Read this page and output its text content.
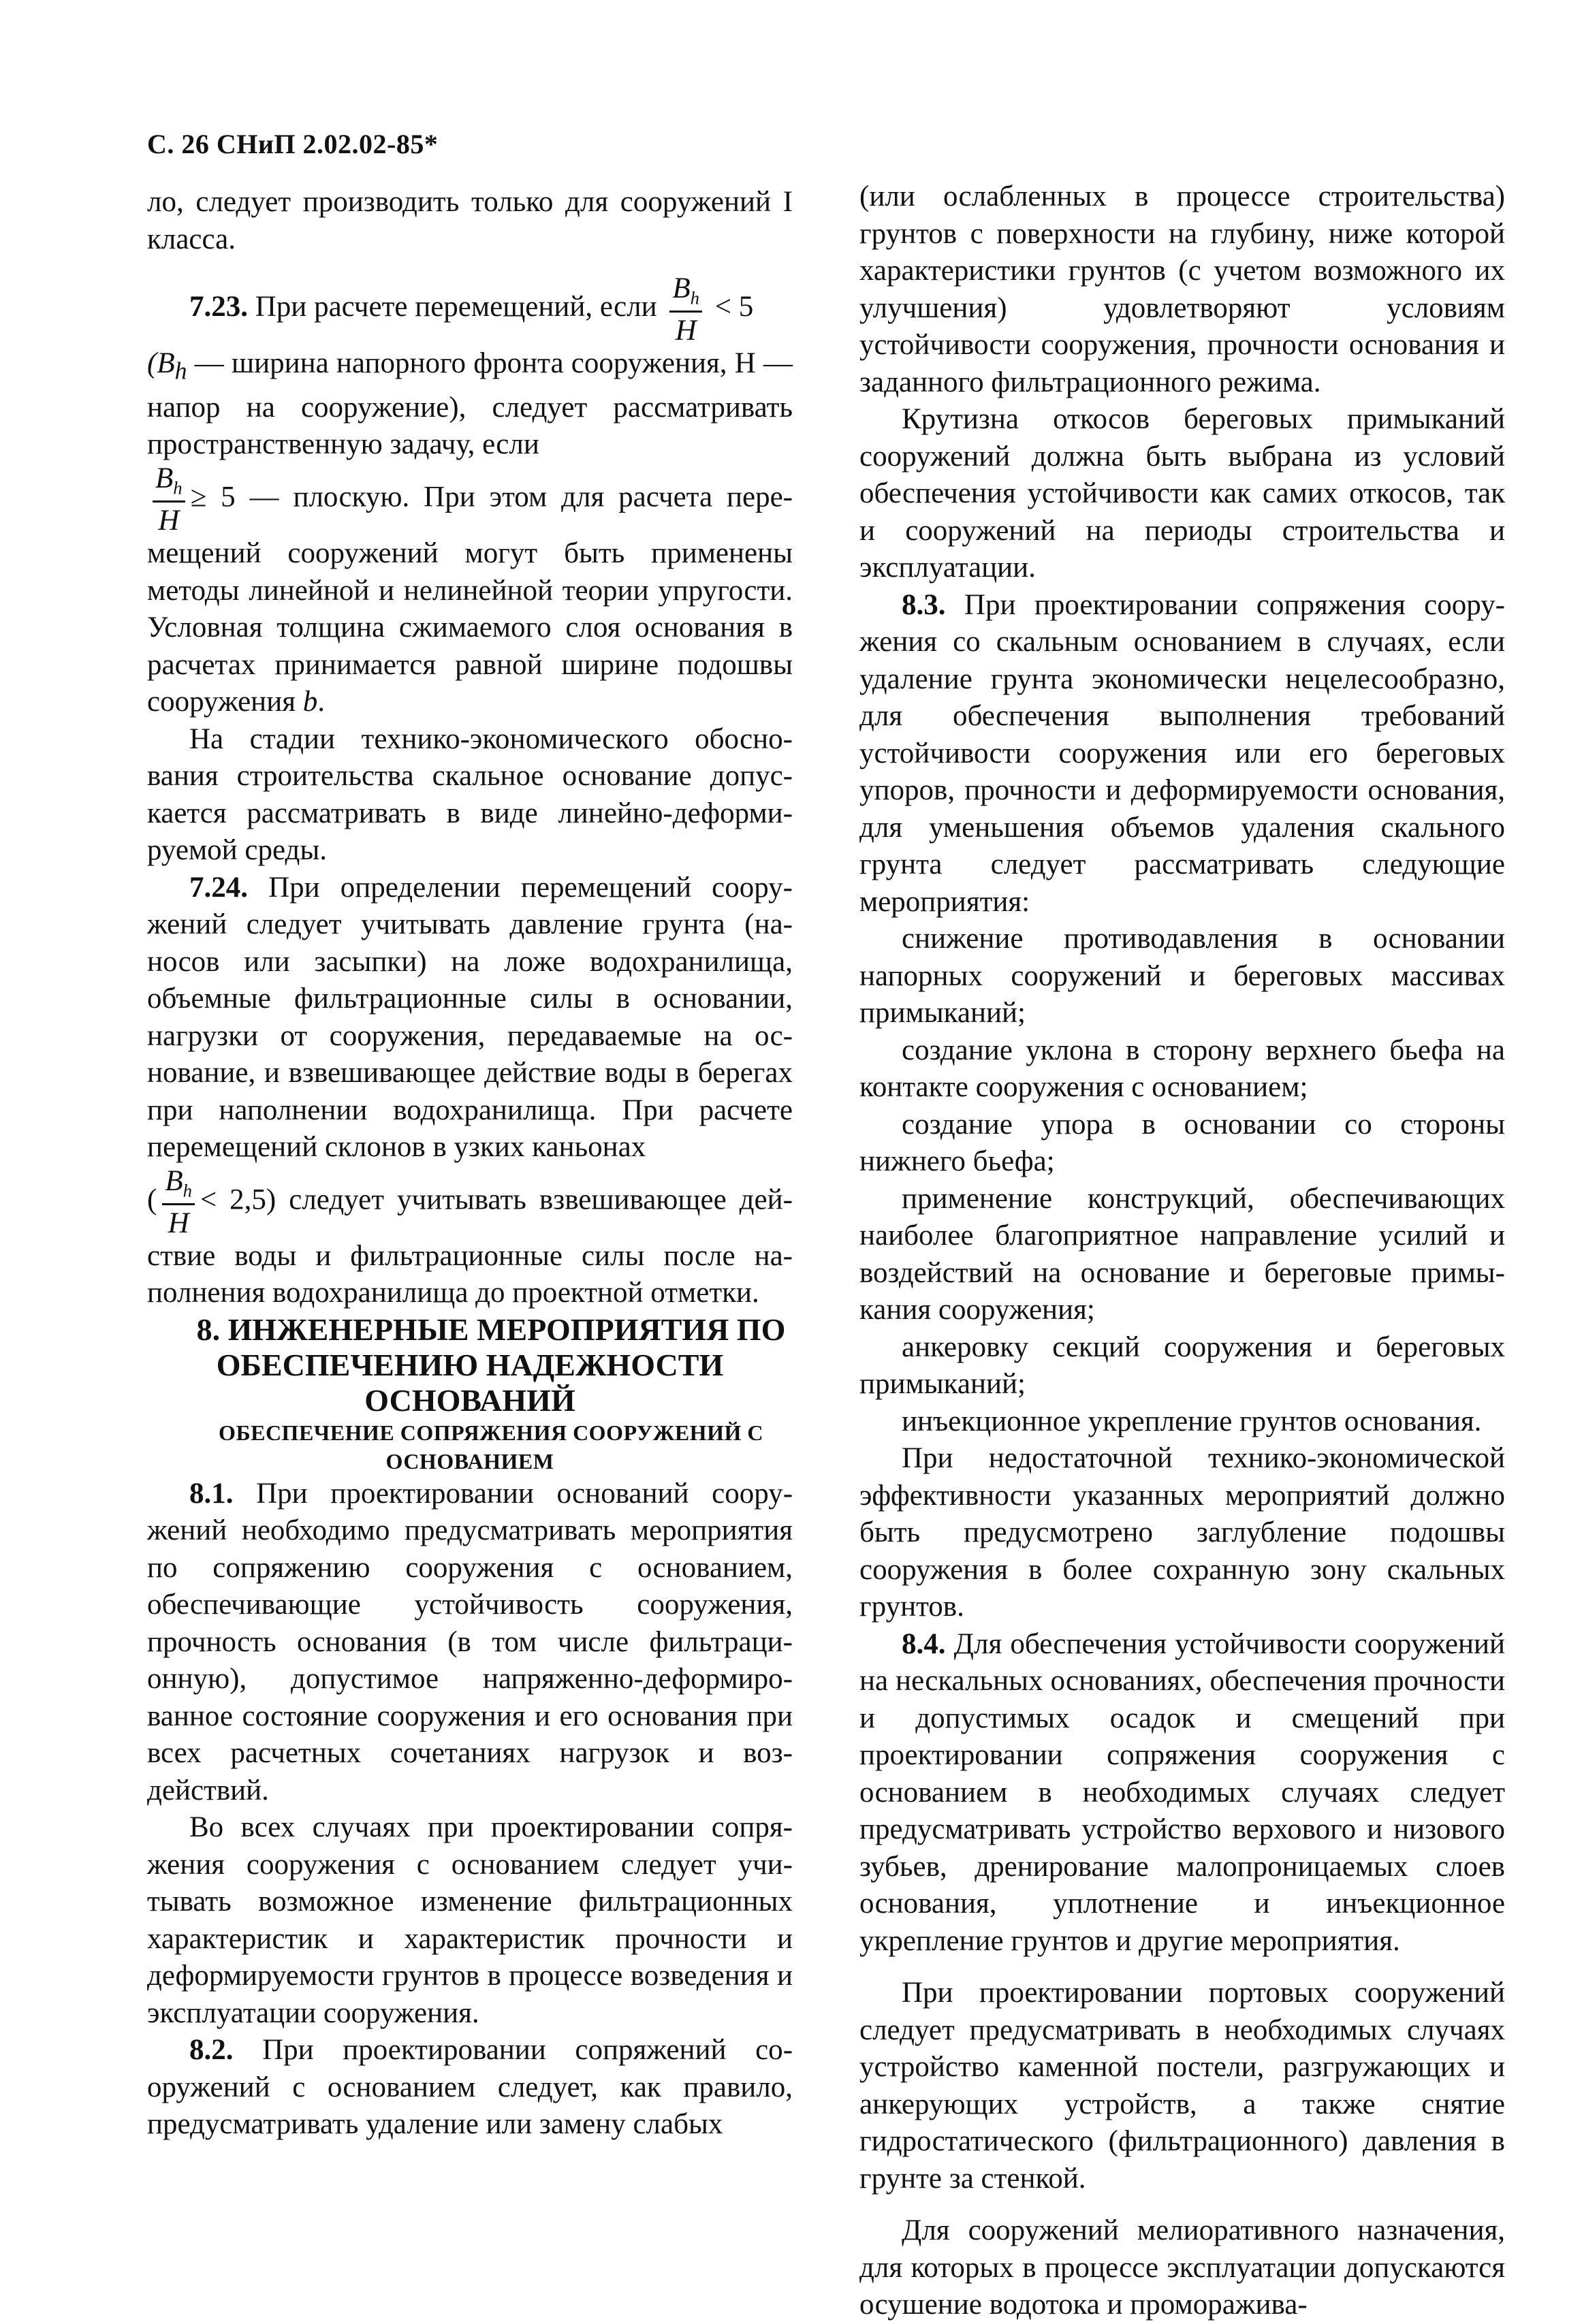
С. 26 СНиП 2.02.02-85*

ло, следует производить только для сооружений I класса.

7.23. При расчете перемещений, если $\frac{B_h}{H} < 5$

($B_h$ — ширина напорного фронта сооружения, H — напор на сооружение), следует рассматривать пространственную задачу, если

$\frac{B_h}{H} \ge 5$ — плоскую. При этом для расчета перемещений сооружений могут быть применены методы линейной и нелинейной теории упругости. Условная толщина сжимаемого слоя основания в расчетах принимается равной ширине подошвы сооружения b.

На стадии технико-экономического обоснования строительства скальное основание допускается рассматривать в виде линейно-деформируемой среды.

7.24. При определении перемещений сооружений следует учитывать давление грунта (наносов или засыпки) на ложе водохранилища, объемные фильтрационные силы в основании, нагрузки от сооружения, передаваемые на основание, и взвешивающее действие воды в берегах при наполнении водохранилища. При расчете перемещений склонов в узких каньонах

( $\frac{B_h}{H} < 2,5$) следует учитывать взвешивающее действие воды и фильтрационные силы после наполнения водохранилища до проектной отметки.

8. ИНЖЕНЕРНЫЕ МЕРОПРИЯТИЯ ПО ОБЕСПЕЧЕНИЮ НАДЕЖНОСТИ ОСНОВАНИЙ

ОБЕСПЕЧЕНИЕ СОПРЯЖЕНИЯ СООРУЖЕНИЙ С ОСНОВАНИЕМ

8.1. При проектировании оснований сооружений необходимо предусматривать мероприятия по сопряжению сооружения с основанием, обеспечивающие устойчивость сооружения, прочность основания (в том числе фильтрационную), допустимое напряженно-деформированное состояние сооружения и его основания при всех расчетных сочетаниях нагрузок и воздействий.

Во всех случаях при проектировании сопряжения сооружения с основанием следует учитывать возможное изменение фильтрационных характеристик и характеристик прочности и деформируемости грунтов в процессе возведения и эксплуатации сооружения.

8.2. При проектировании сопряжений сооружений с основанием следует, как правило, предусматривать удаление или замену слабых

(или ослабленных в процессе строительства) грунтов с поверхности на глубину, ниже которой характеристики грунтов (с учетом возможного их улучшения) удовлетворяют условиям устойчивости сооружения, прочности основания и заданного фильтрационного режима.

Крутизна откосов береговых примыканий сооружений должна быть выбрана из условий обеспечения устойчивости как самих откосов, так и сооружений на периоды строительства и эксплуатации.

8.3. При проектировании сопряжения сооружения со скальным основанием в случаях, если удаление грунта экономически нецелесообразно, для обеспечения выполнения требований устойчивости сооружения или его береговых упоров, прочности и деформируемости основания, для уменьшения объемов удаления скального грунта следует рассматривать следующие мероприятия:

снижение противодавления в основании напорных сооружений и береговых массивах примыканий;

создание уклона в сторону верхнего бьефа на контакте сооружения с основанием;

создание упора в основании со стороны нижнего бьефа;

применение конструкций, обеспечивающих наиболее благоприятное направление усилий и воздействий на основание и береговые примыкания сооружения;

анкеровку секций сооружения и береговых примыканий;

инъекционное укрепление грунтов основания.

При недостаточной технико-экономической эффективности указанных мероприятий должно быть предусмотрено заглубление подошвы сооружения в более сохранную зону скальных грунтов.

8.4. Для обеспечения устойчивости сооружений на нескальных основаниях, обеспечения прочности и допустимых осадок и смещений при проектировании сопряжения сооружения с основанием в необходимых случаях следует предусматривать устройство верхового и низового зубьев, дренирование малопроницаемых слоев основания, уплотнение и инъекционное укрепление грунтов и другие мероприятия.

При проектировании портовых сооружений следует предусматривать в необходимых случаях устройство каменной постели, разгружающих и анкерующих устройств, а также снятие гидростатического (фильтрационного) давления в грунте за стенкой.

Для сооружений мелиоративного назначения, для которых в процессе эксплуатации допускаются осушение водотока и проморажива-
